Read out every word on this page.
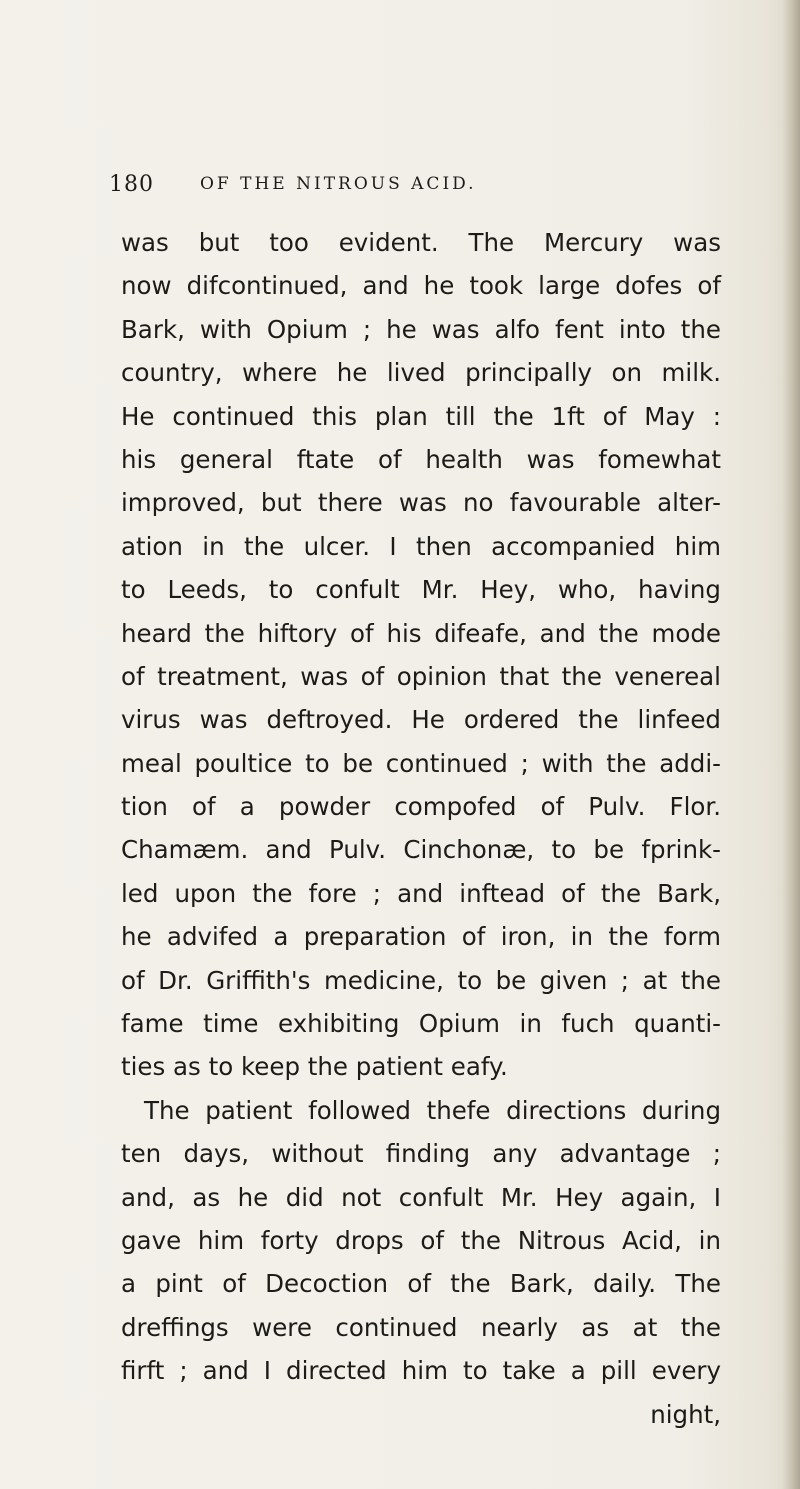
180	OF THE NITROUS ACID.
was but too evident. The Mercury was
now difcontinued, and he took large dofes of
Bark, with Opium ; he was alfo fent into the
country, where he lived principally on milk.
He continued this plan till the 1ft of May :
his general ftate of health was fomewhat
improved, but there was no favourable alter-
ation in the ulcer. I then accompanied him
to Leeds, to confult Mr. Hey, who, having
heard the hiftory of his difeafe, and the mode
of treatment, was of opinion that the venereal
virus was deftroyed. He ordered the linfeed
meal poultice to be continued ; with the addi-
tion of a powder compofed of Pulv. Flor.
Chamæm. and Pulv. Cinchonæ, to be fprink-
led upon the fore ; and inftead of the Bark,
he advifed a preparation of iron, in the form
of Dr. Griffith's medicine, to be given ; at the
fame time exhibiting Opium in fuch quanti-
ties as to keep the patient eafy.
The patient followed thefe directions during
ten days, without finding any advantage ;
and, as he did not confult Mr. Hey again, I
gave him forty drops of the Nitrous Acid, in
a pint of Decoction of the Bark, daily. The
dreffings were continued nearly as at the
firft ; and I directed him to take a pill every
night,
